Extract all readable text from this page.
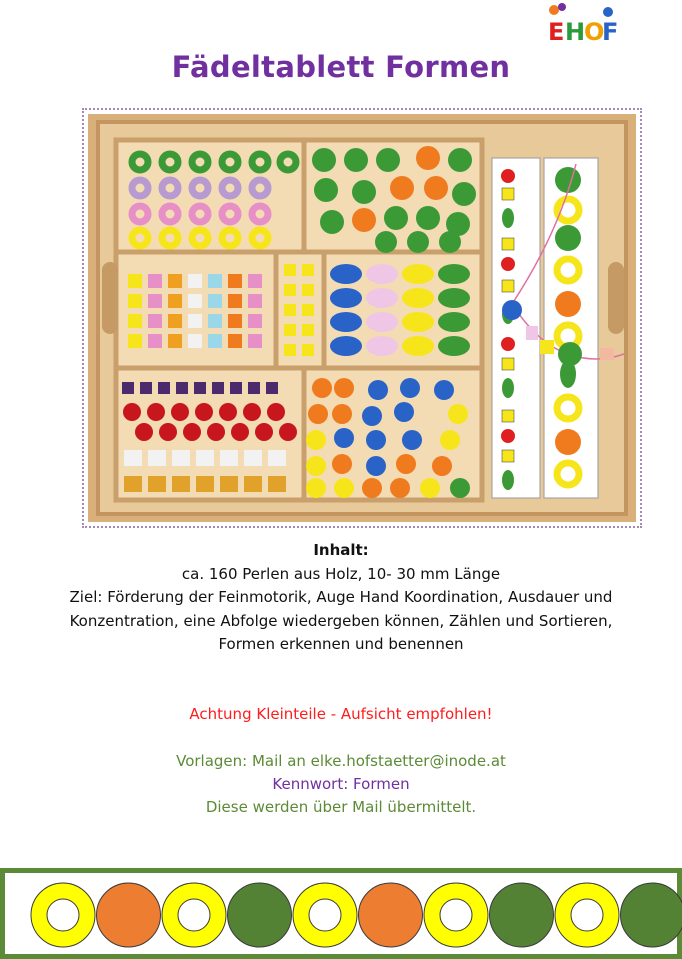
E H
O
F
Fädeltablett Formen
Inhalt:
ca. 160 Perlen aus Holz, 10- 30 mm Länge
Ziel: Förderung der Feinmotorik, Auge Hand Koordination, Ausdauer und
Konzentration, eine Abfolge wiedergeben können, Zählen und Sortieren,
Formen erkennen und benennen
Achtung Kleinteile - Aufsicht empfohlen!
Vorlagen: Mail an elke.hofstaetter@inode.at
Kennwort: Formen
Diese werden über Mail übermittelt.
